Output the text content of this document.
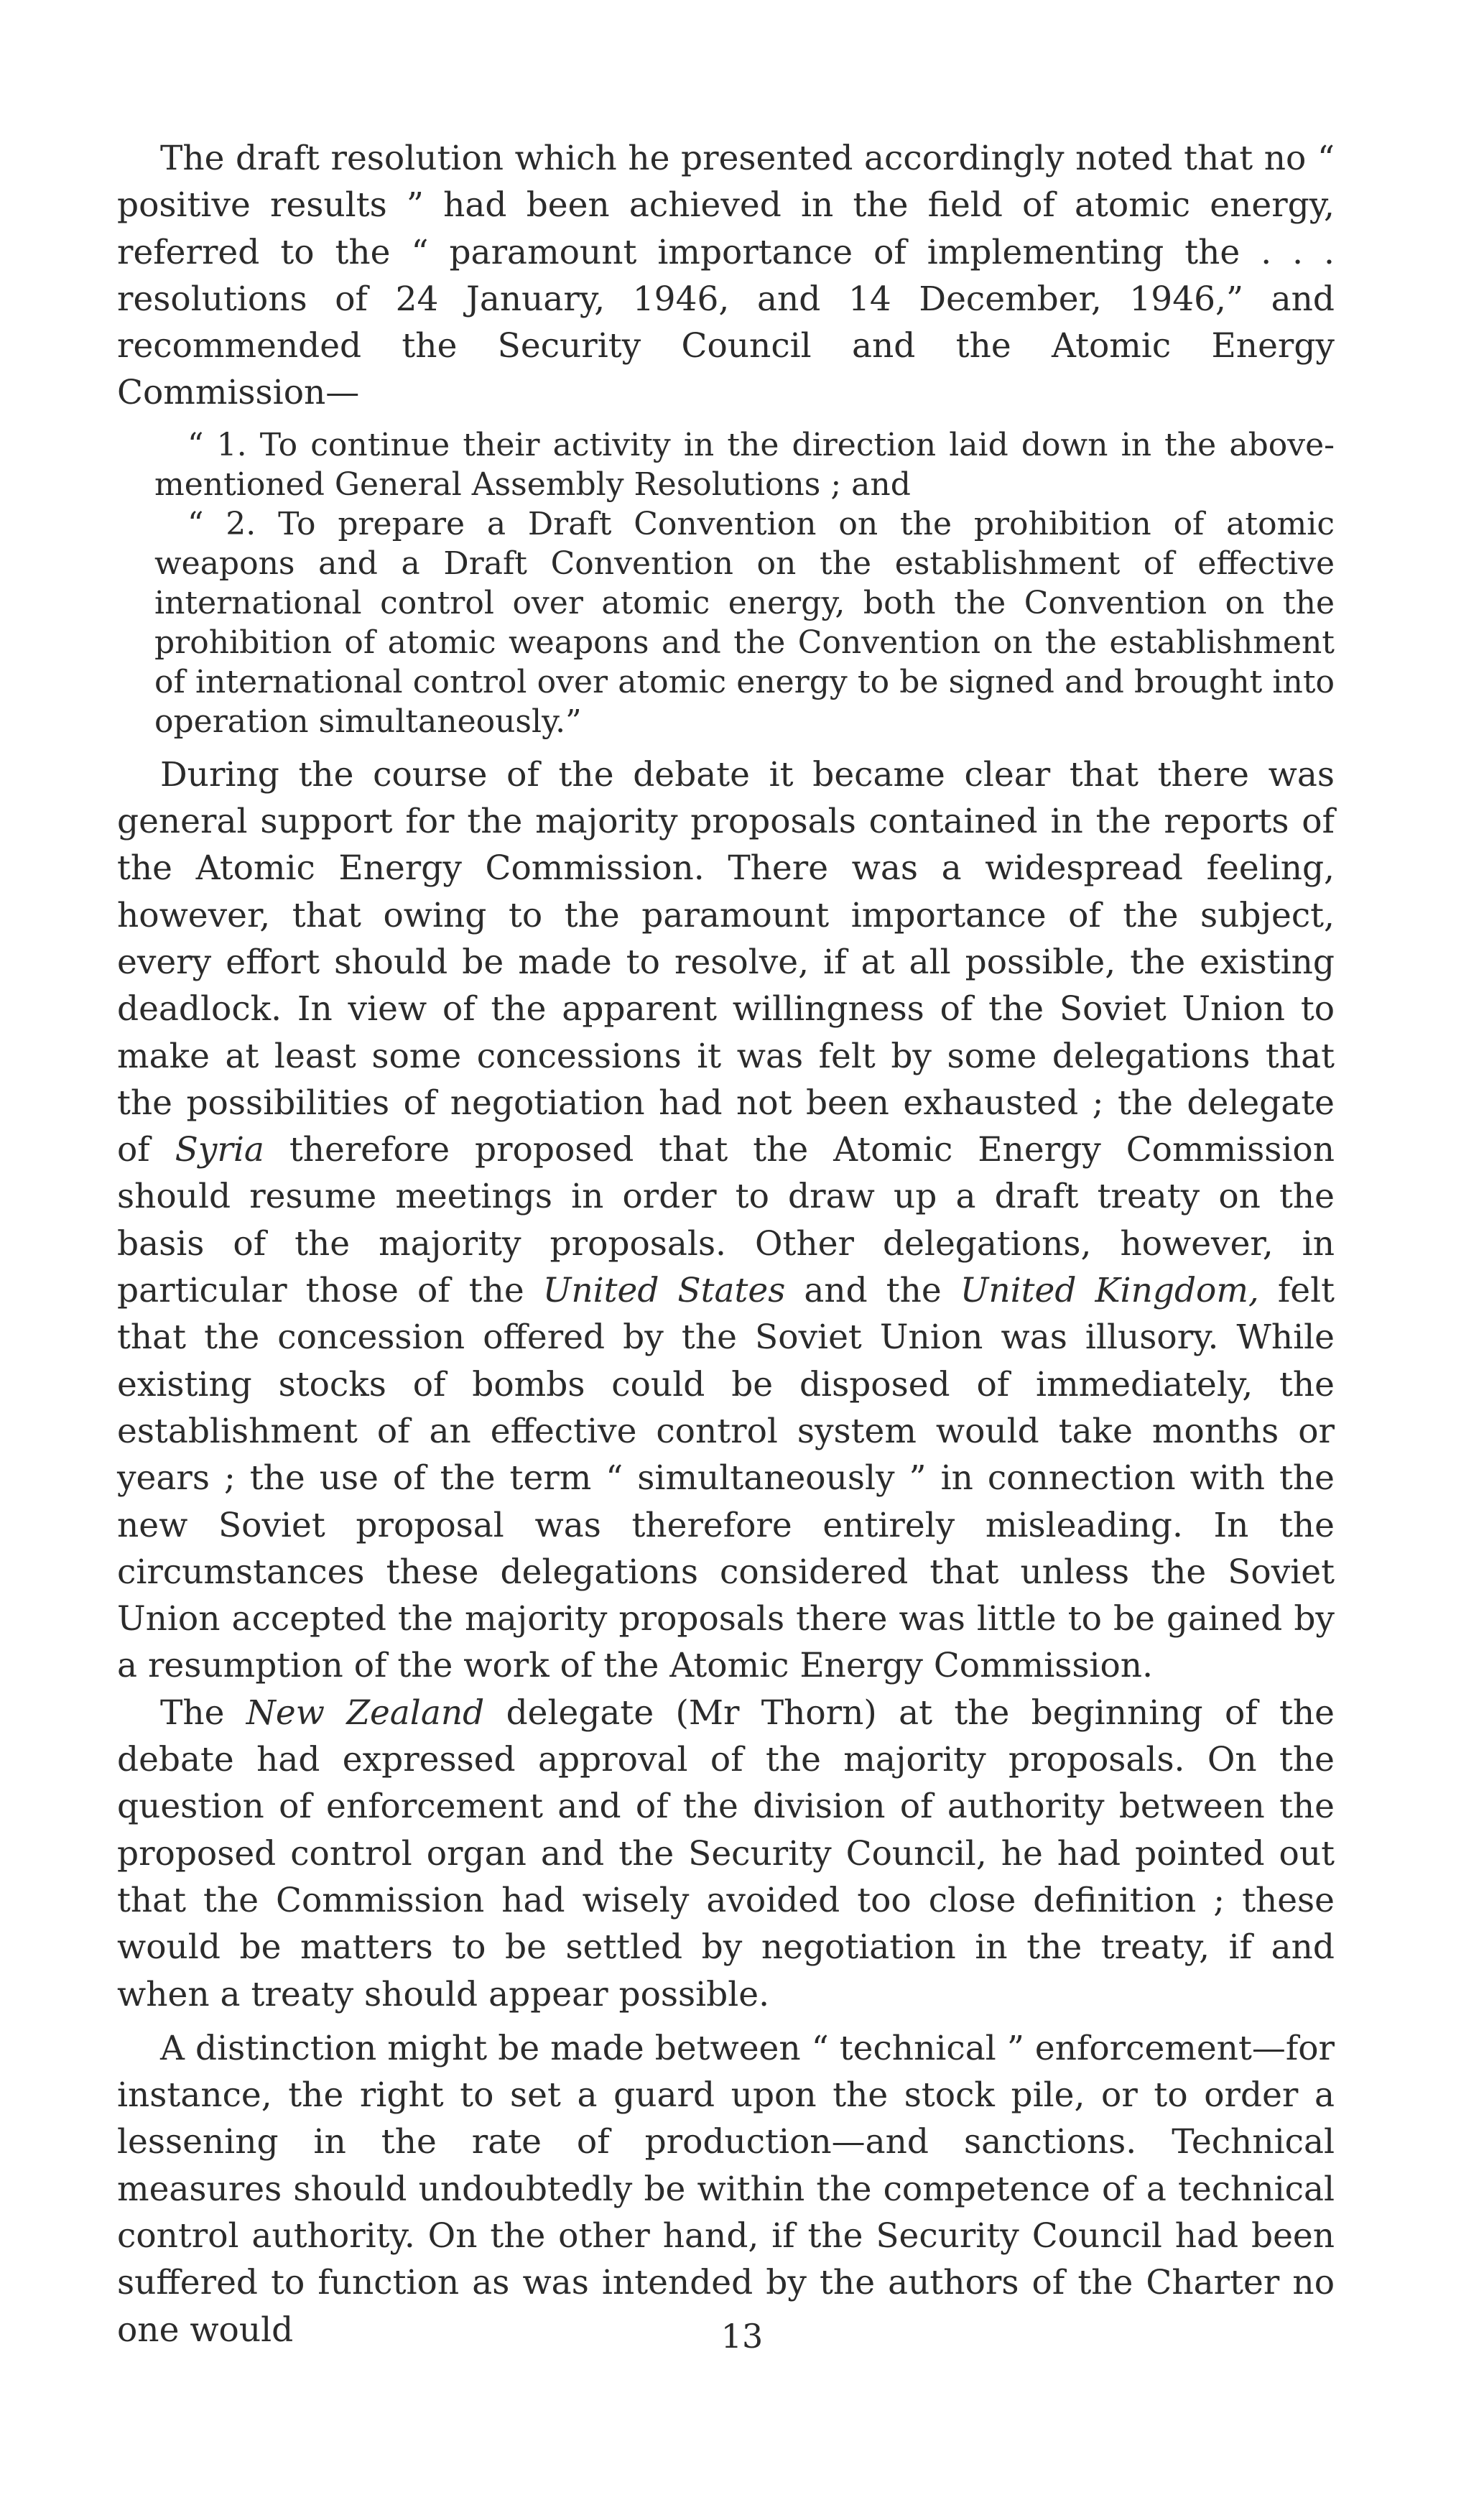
The draft resolution which he presented accordingly noted that no “ positive results ” had been achieved in the field of atomic energy, referred to the “ paramount importance of implementing the . . . resolutions of 24 January, 1946, and 14 December, 1946,” and recommended the Security Council and the Atomic Energy Commission—

“ 1. To continue their activity in the direction laid down in the above-mentioned General Assembly Resolutions ; and

“ 2. To prepare a Draft Convention on the prohibition of atomic weapons and a Draft Convention on the establishment of effective international control over atomic energy, both the Convention on the prohibition of atomic weapons and the Convention on the establishment of international control over atomic energy to be signed and brought into operation simultaneously.”

During the course of the debate it became clear that there was general support for the majority proposals contained in the reports of the Atomic Energy Commission. There was a widespread feeling, however, that owing to the paramount importance of the subject, every effort should be made to resolve, if at all possible, the existing deadlock. In view of the apparent willingness of the Soviet Union to make at least some concessions it was felt by some delegations that the possibilities of negotiation had not been exhausted ; the delegate of Syria therefore proposed that the Atomic Energy Commission should resume meetings in order to draw up a draft treaty on the basis of the majority proposals. Other delegations, however, in particular those of the United States and the United Kingdom, felt that the concession offered by the Soviet Union was illusory. While existing stocks of bombs could be disposed of immediately, the establishment of an effective control system would take months or years ; the use of the term “ simultaneously ” in connection with the new Soviet proposal was therefore entirely misleading. In the circumstances these delegations considered that unless the Soviet Union accepted the majority proposals there was little to be gained by a resumption of the work of the Atomic Energy Commission.

The New Zealand delegate (Mr Thorn) at the beginning of the debate had expressed approval of the majority proposals. On the question of enforcement and of the division of authority between the proposed control organ and the Security Council, he had pointed out that the Commission had wisely avoided too close definition ; these would be matters to be settled by negotiation in the treaty, if and when a treaty should appear possible.

A distinction might be made between “ technical ” enforcement—for instance, the right to set a guard upon the stock pile, or to order a lessening in the rate of production—and sanctions. Technical measures should undoubtedly be within the competence of a technical control authority. On the other hand, if the Security Council had been suffered to function as was intended by the authors of the Charter no one would	13
